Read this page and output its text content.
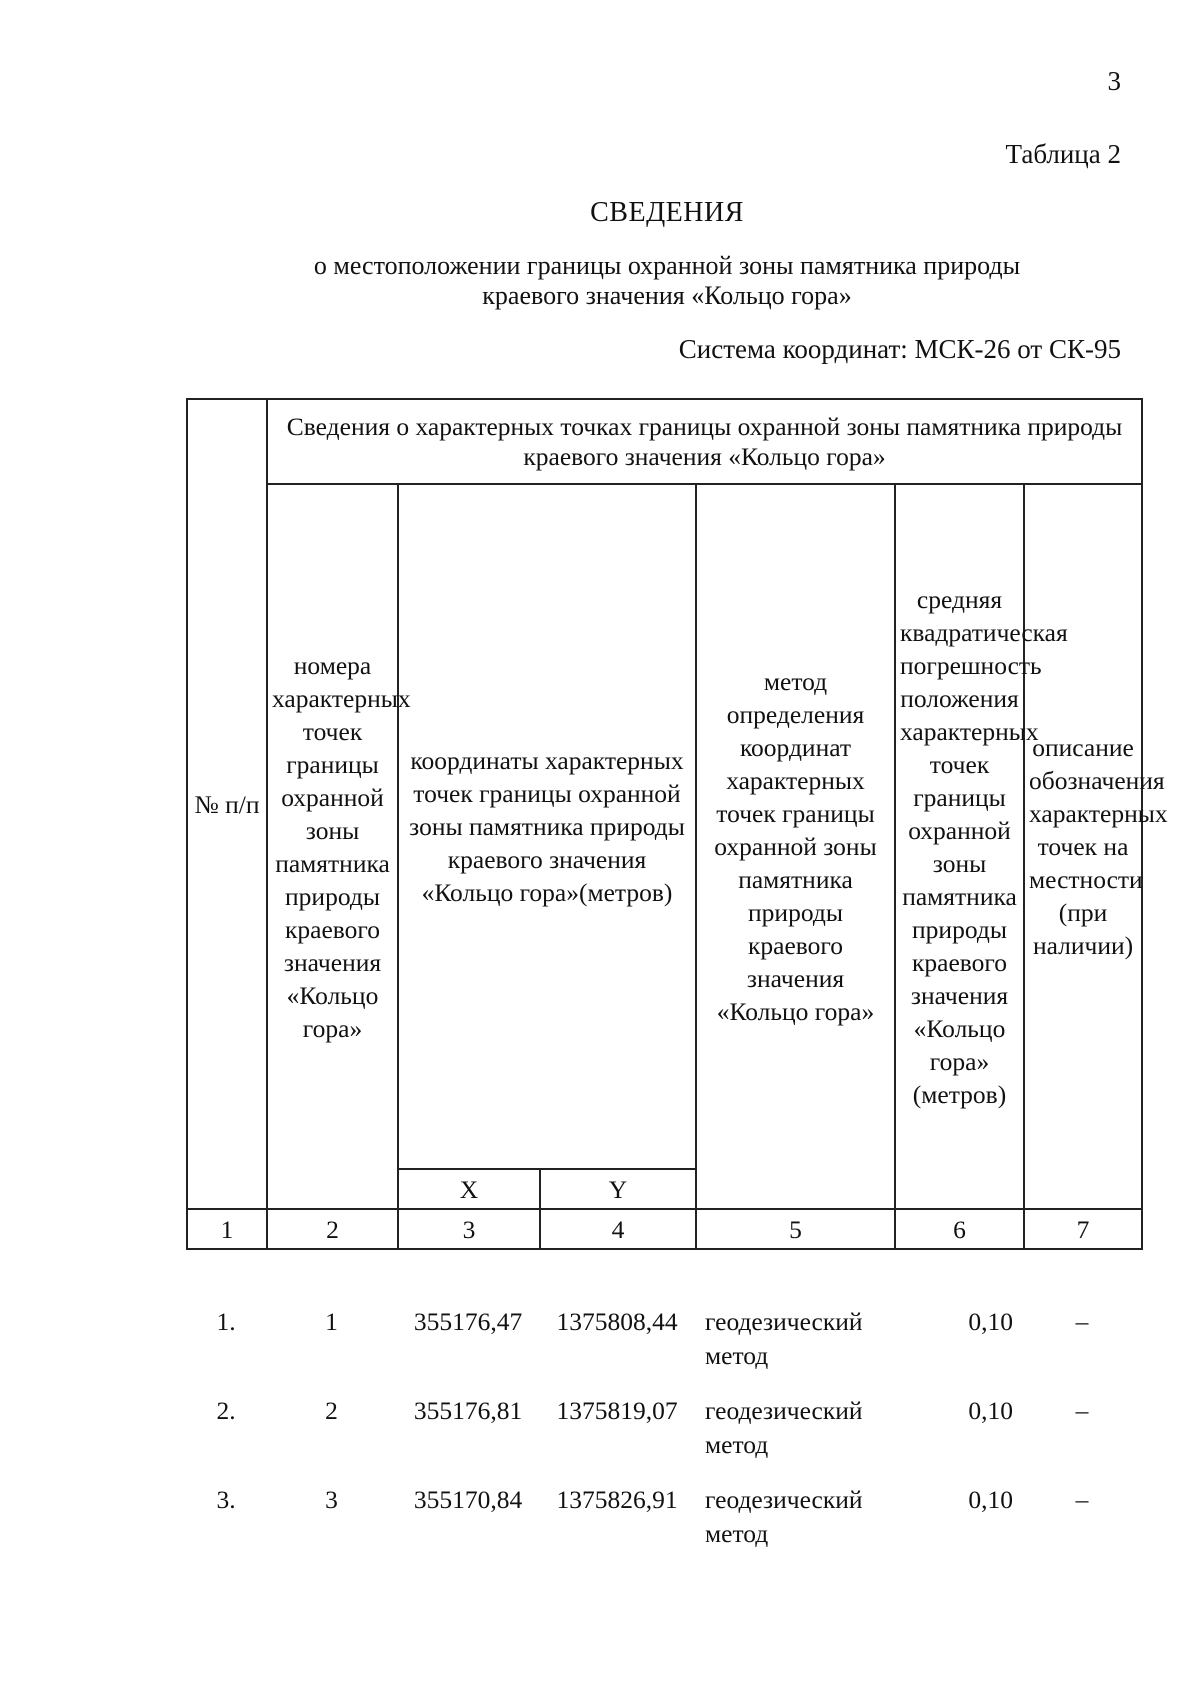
3
Таблица 2
СВЕДЕНИЯ
о местоположении границы охранной зоны памятника природы
краевого значения «Кольцо гора»
Система координат: МСК-26 от СК-95
№ п/п	Сведения о характерных точках границы охранной зоны памятника природы краевого значения «Кольцо гора»					
	номера характерных точек границы охранной зоны памятника природы краевого значения «Кольцо гора»	координаты характерных точек границы охранной зоны памятника природы краевого значения «Кольцо гора»(метров)		метод определения координат характерных точек границы охранной зоны памятника природы краевого значения «Кольцо гора»	средняя квадратическая погрешность положения характерных точек границы охранной зоны памятника природы краевого значения «Кольцо гора» (метров)	описание обозначения характерных точек на местности (при наличии)
		X	Y			
1	2	3	4	5	6	7
1.	1	355176,47	1375808,44	геодезический метод	0,10	–
2.	2	355176,81	1375819,07	геодезический метод	0,10	–
3.	3	355170,84	1375826,91	геодезический метод	0,10	–
